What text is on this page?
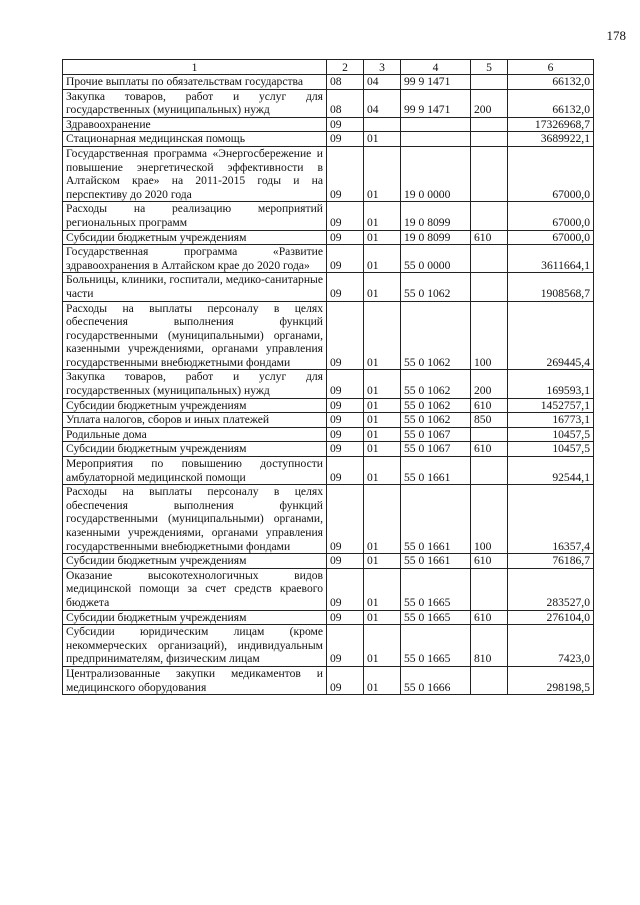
178
1	2	3	4	5	6

Прочие выплаты по обязательствам государства	08	04	99 9 1471		66132,0

Закупка товаров, работ и услуг для государственных (муниципальных) нужд	08	04	99 9 1471	200	66132,0

Здравоохранение	09				17326968,7

Стационарная медицинская помощь	09	01			3689922,1

Государственная программа «Энергосбережение и повышение энергетической эффективности в Алтайском крае» на 2011-2015 годы и на перспективу до 2020 года	09	01	19 0 0000		67000,0

Расходы на реализацию мероприятий региональных программ	09	01	19 0 8099		67000,0

Субсидии бюджетным учреждениям	09	01	19 0 8099	610	67000,0

Государственная программа «Развитие здравоохранения в Алтайском крае до 2020 года»	09	01	55 0 0000		3611664,1

Больницы, клиники, госпитали, медико-санитарные части	09	01	55 0 1062		1908568,7

Расходы на выплаты персоналу в целях обеспечения выполнения функций государственными (муниципальными) органами, казенными учреждениями, органами управления государственными внебюджетными фондами	09	01	55 0 1062	100	269445,4

Закупка товаров, работ и услуг для государственных (муниципальных) нужд	09	01	55 0 1062	200	169593,1

Субсидии бюджетным учреждениям	09	01	55 0 1062	610	1452757,1

Уплата налогов, сборов и иных платежей	09	01	55 0 1062	850	16773,1

Родильные дома	09	01	55 0 1067		10457,5

Субсидии бюджетным учреждениям	09	01	55 0 1067	610	10457,5

Мероприятия по повышению доступности амбулаторной медицинской помощи	09	01	55 0 1661		92544,1

Расходы на выплаты персоналу в целях обеспечения выполнения функций государственными (муниципальными) органами, казенными учреждениями, органами управления государственными внебюджетными фондами	09	01	55 0 1661	100	16357,4

Субсидии бюджетным учреждениям	09	01	55 0 1661	610	76186,7

Оказание высокотехнологичных видов медицинской помощи за счет средств краевого бюджета	09	01	55 0 1665		283527,0

Субсидии бюджетным учреждениям	09	01	55 0 1665	610	276104,0

Субсидии юридическим лицам (кроме некоммерческих организаций), индивидуальным предпринимателям, физическим лицам	09	01	55 0 1665	810	7423,0

Централизованные закупки медикаментов и медицинского оборудования	09	01	55 0 1666		298198,5
